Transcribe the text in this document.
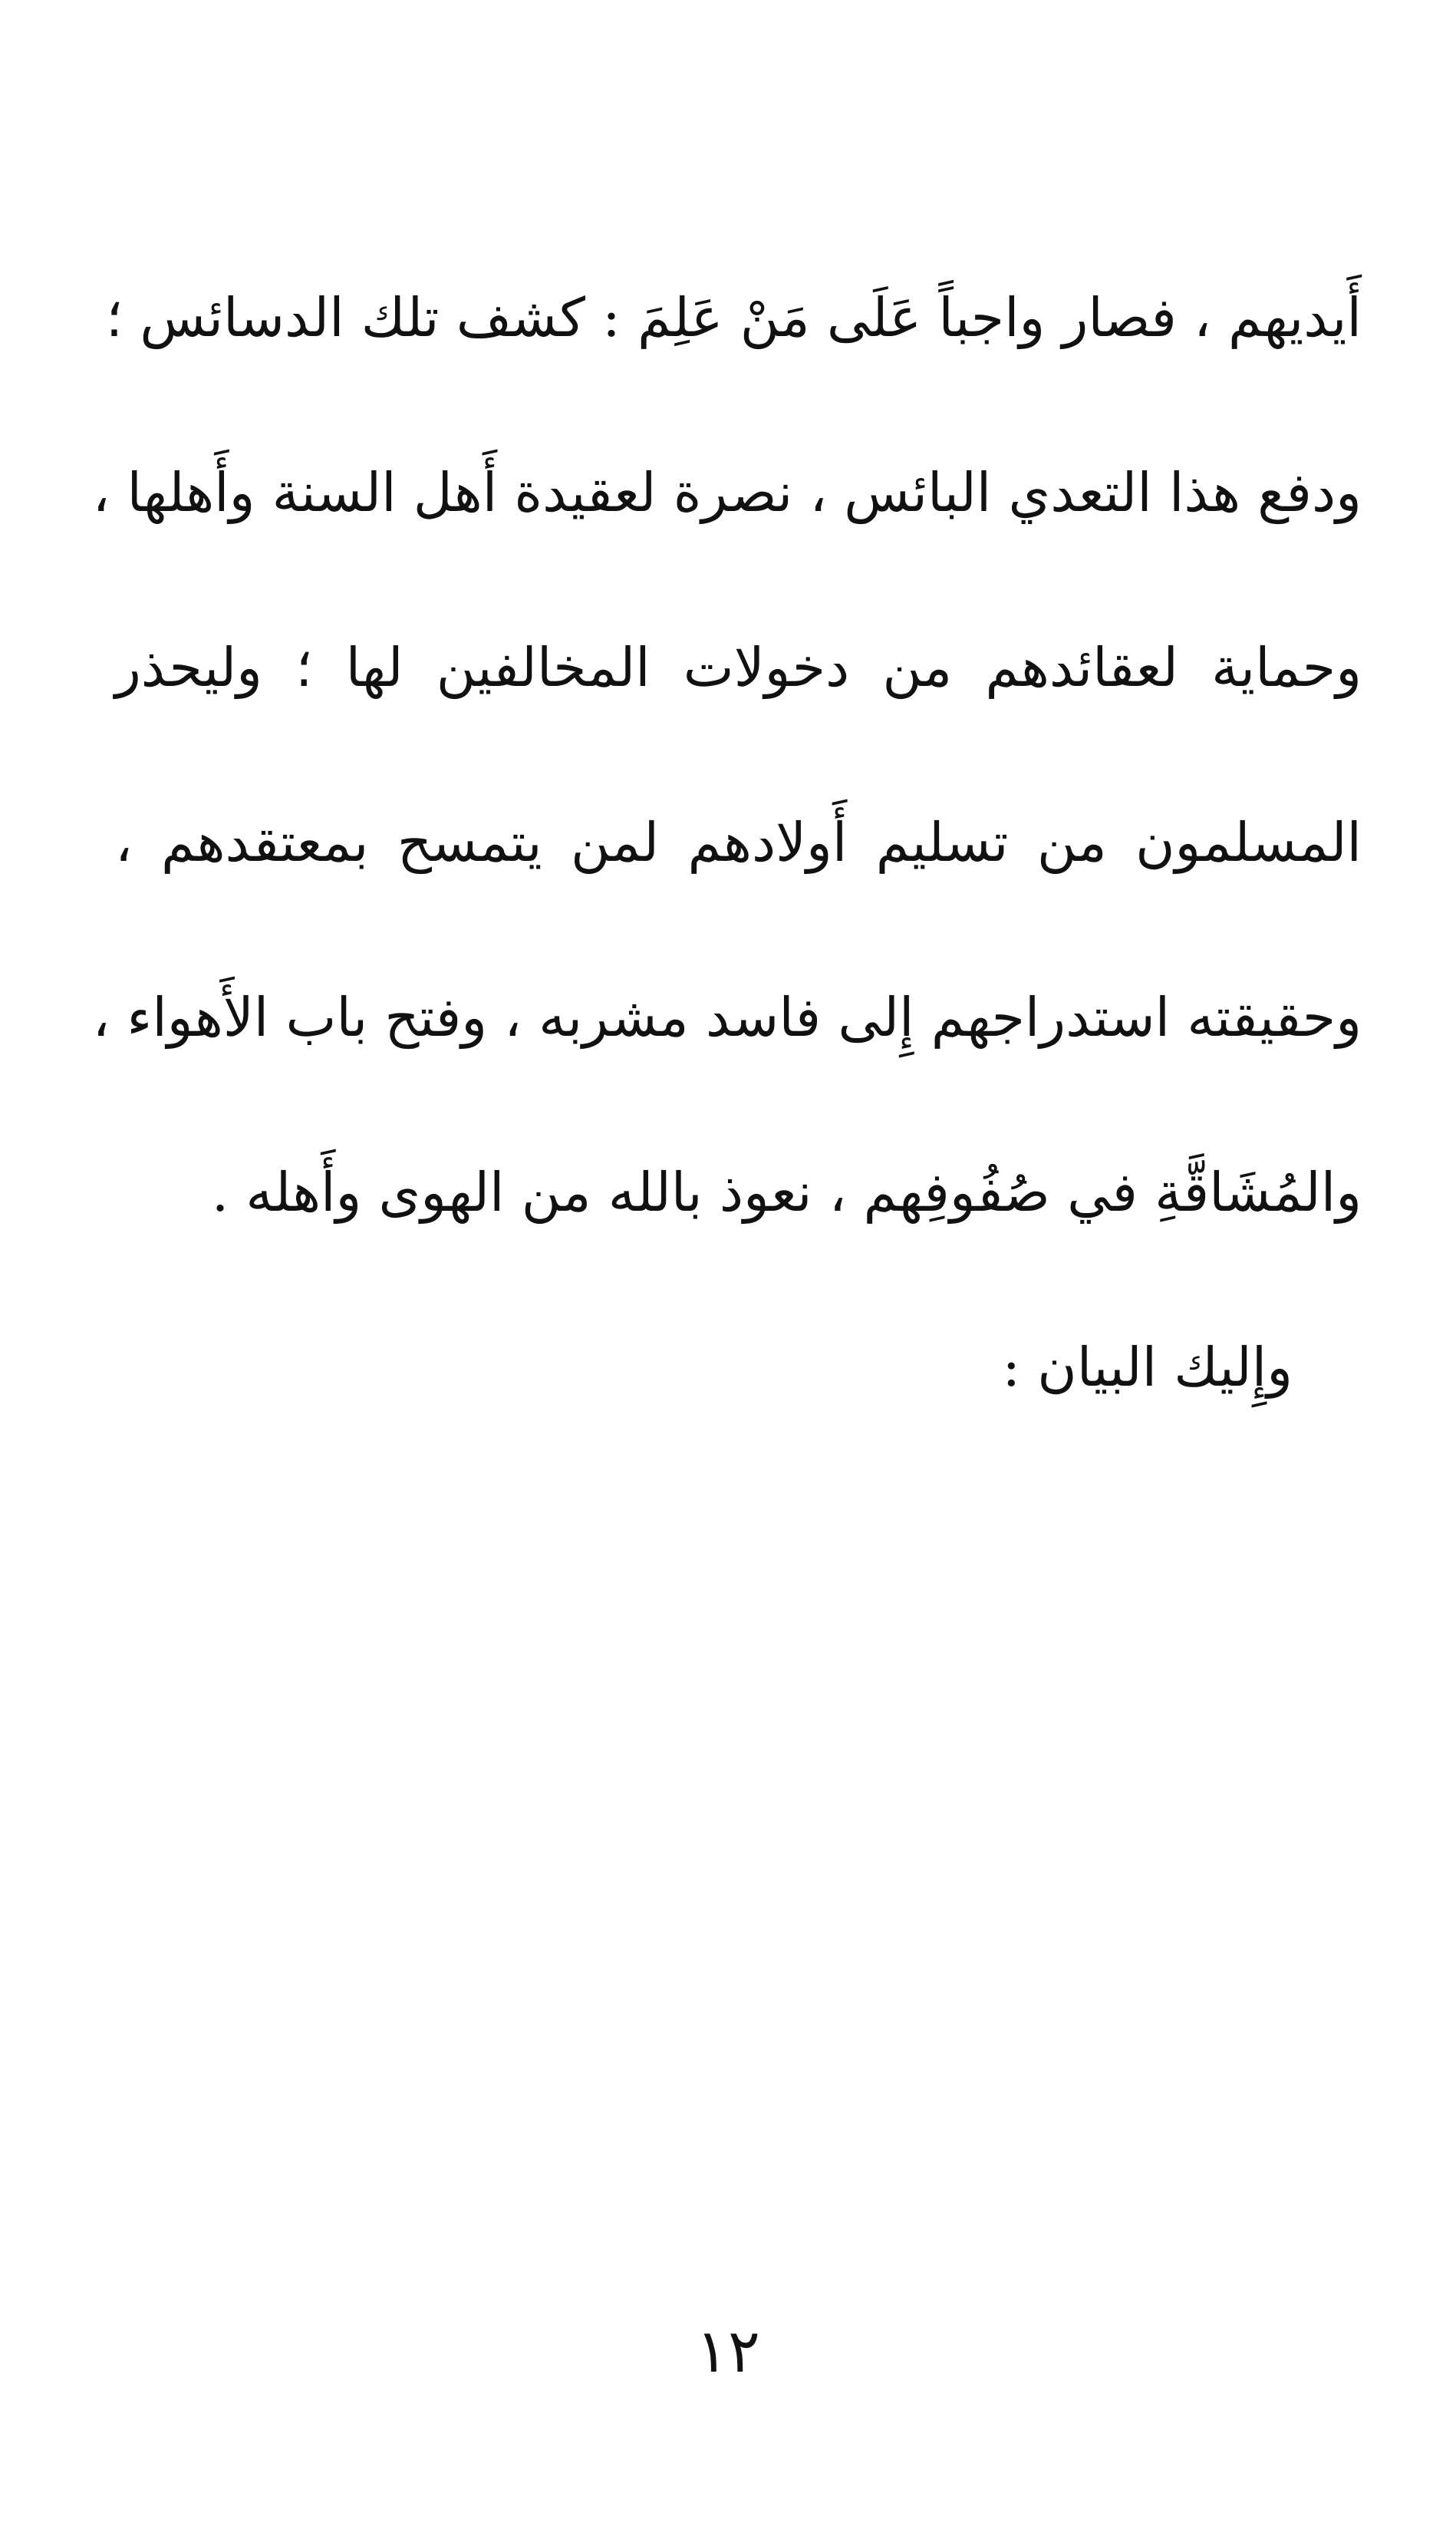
أَيديهم ، فصار واجباً عَلَى مَنْ عَلِمَ : كشف تلك الدسائس ؛
ودفع هذا التعدي البائس ، نصرة لعقيدة أَهل السنة وأَهلها ،
وحماية لعقائدهم من دخولات المخالفين لها ؛ وليحذر
المسلمون من تسليم أَولادهم لمن يتمسح بمعتقدهم ،
وحقيقته استدراجهم إِلى فاسد مشربه ، وفتح باب الأَهواء ،
والمُشَاقَّةِ في صُفُوفِهم ، نعوذ بالله من الهوى وأَهله .
وإِليك البيان :
١٢
